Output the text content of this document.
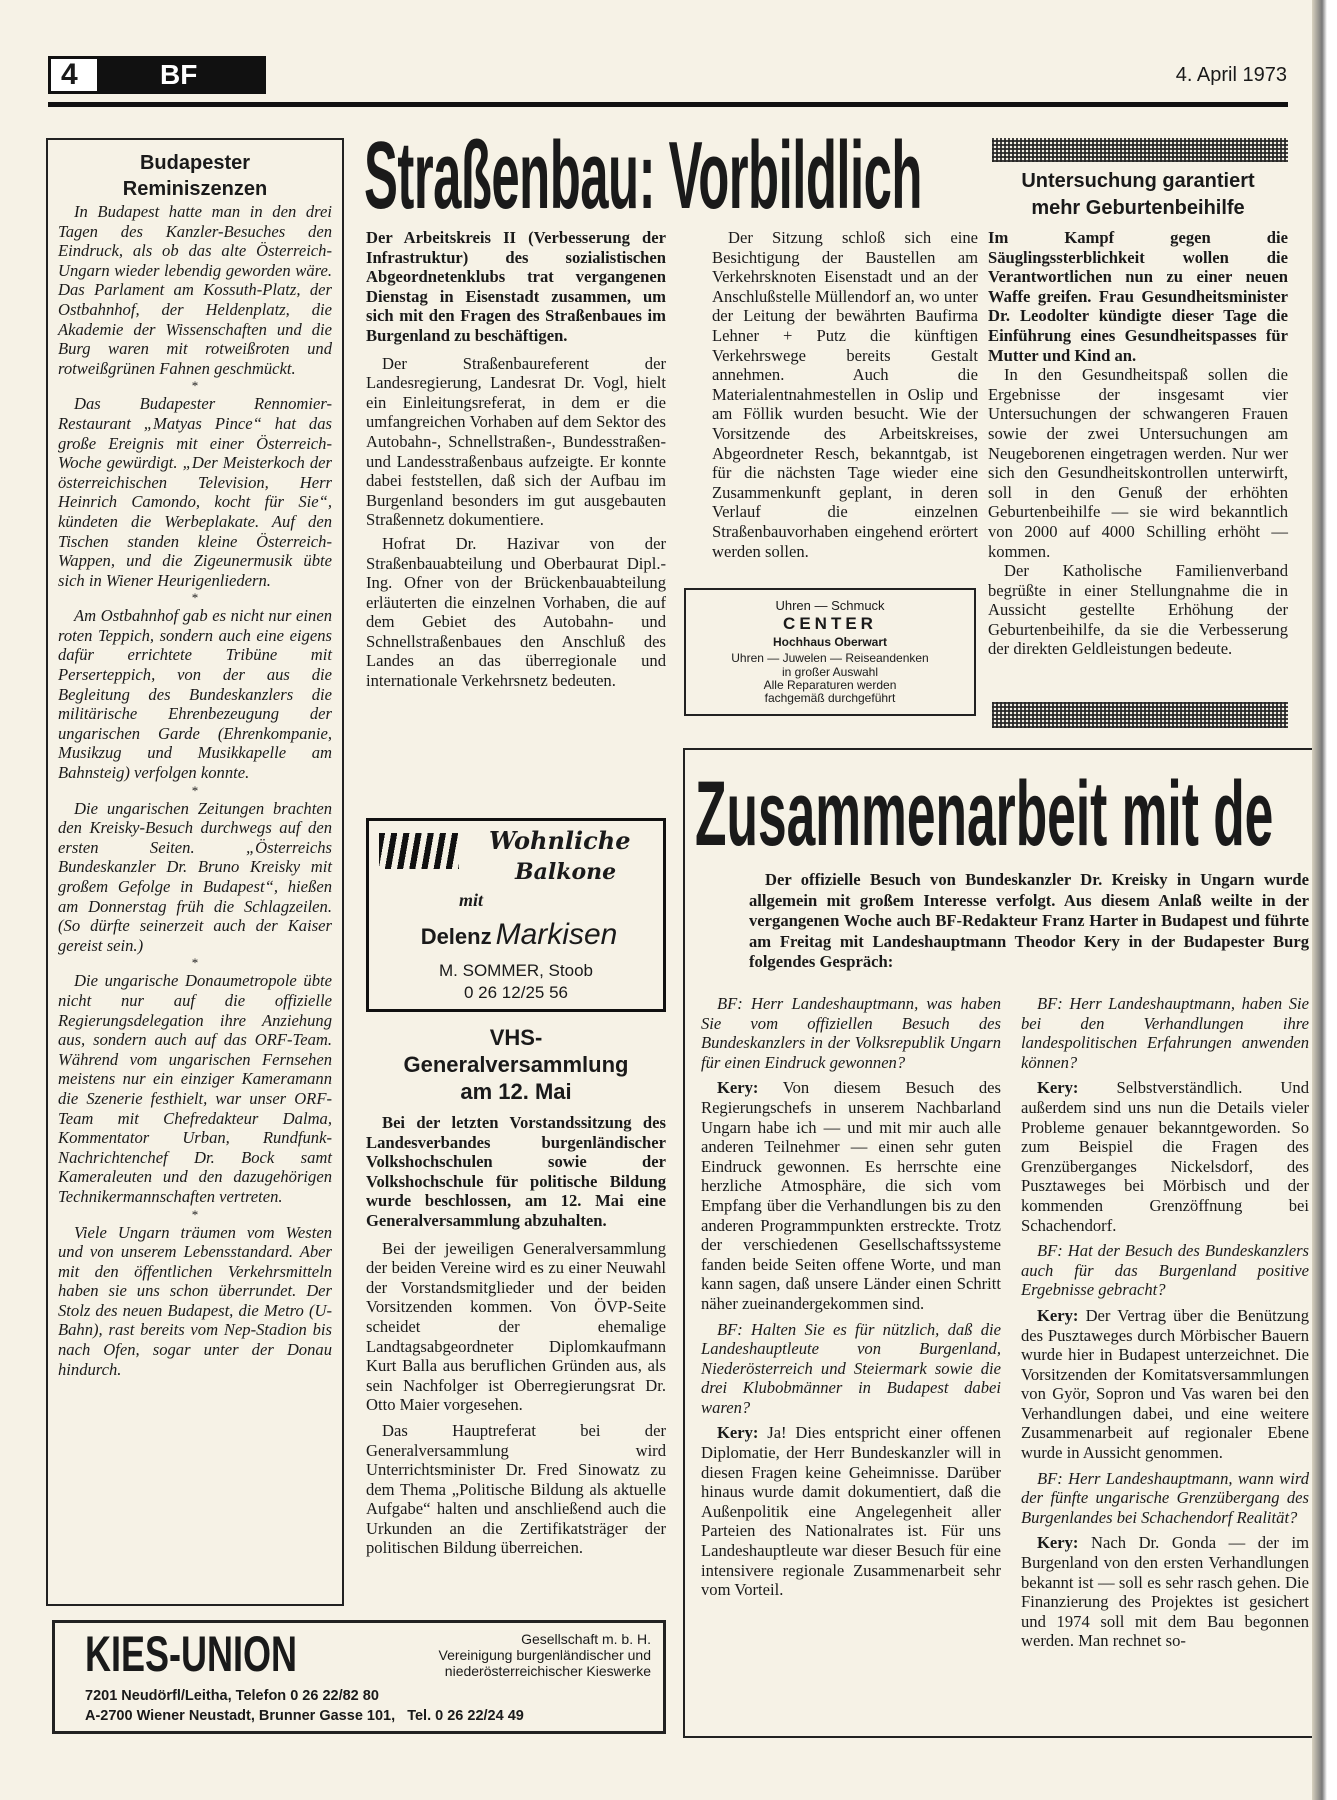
4	BF	4. April 1973
Budapester
Reminiszenzen

In Budapest hatte man in den drei Tagen des Kanzler-Besuches den Eindruck, als ob das alte Österreich-Ungarn wieder lebendig geworden wäre. Das Parlament am Kossuth-Platz, der Ostbahnhof, der Heldenplatz, die Akademie der Wissenschaften und die Burg waren mit rotweißroten und rotweißgrünen Fahnen geschmückt.

*

Das Budapester Rennomier-Restaurant „Matyas Pince“ hat das große Ereignis mit einer Österreich-Woche gewürdigt. „Der Meisterkoch der österreichischen Television, Herr Heinrich Camondo, kocht für Sie“, kündeten die Werbeplakate. Auf den Tischen standen kleine Österreich-Wappen, und die Zigeunermusik übte sich in Wiener Heurigenliedern.

*

Am Ostbahnhof gab es nicht nur einen roten Teppich, sondern auch eine eigens dafür errichtete Tribüne mit Perserteppich, von der aus die Begleitung des Bundeskanzlers die militärische Ehrenbezeugung der ungarischen Garde (Ehrenkompanie, Musikzug und Musikkapelle am Bahnsteig) verfolgen konnte.

*

Die ungarischen Zeitungen brachten den Kreisky-Besuch durchwegs auf den ersten Seiten. „Österreichs Bundeskanzler Dr. Bruno Kreisky mit großem Gefolge in Budapest“, hießen am Donnerstag früh die Schlagzeilen. (So dürfte seinerzeit auch der Kaiser gereist sein.)

*

Die ungarische Donaumetropole übte nicht nur auf die offizielle Regierungsdelegation ihre Anziehung aus, sondern auch auf das ORF-Team. Während vom ungarischen Fernsehen meistens nur ein einziger Kameramann die Szenerie festhielt, war unser ORF-Team mit Chefredakteur Dalma, Kommentator Urban, Rundfunk-Nachrichtenchef Dr. Bock samt Kameraleuten und den dazugehörigen Technikermannschaften vertreten.

*

Viele Ungarn träumen vom Westen und von unserem Lebensstandard. Aber mit den öffentlichen Verkehrsmitteln haben sie uns schon überrundet. Der Stolz des neuen Budapest, die Metro (U-Bahn), rast bereits vom Nep-Stadion bis nach Ofen, sogar unter der Donau hindurch.

Straßenbau: Vorbildlich

Der Arbeitskreis II (Verbesserung der Infrastruktur) des sozialistischen Abgeordnetenklubs trat vergangenen Dienstag in Eisenstadt zusammen, um sich mit den Fragen des Straßenbaues im Burgenland zu beschäftigen.

Der Straßenbaureferent der Landesregierung, Landesrat Dr. Vogl, hielt ein Einleitungsreferat, in dem er die umfangreichen Vorhaben auf dem Sektor des Autobahn-, Schnellstraßen-, Bundesstraßen- und Landesstraßenbaus aufzeigte. Er konnte dabei feststellen, daß sich der Aufbau im Burgenland besonders im gut ausgebauten Straßennetz dokumentiere.

Hofrat Dr. Hazivar von der Straßenbauabteilung und Oberbaurat Dipl.-Ing. Ofner von der Brückenbauabteilung erläuterten die einzelnen Vorhaben, die auf dem Gebiet des Autobahn- und Schnellstraßenbaues den Anschluß des Landes an das überregionale und internationale Verkehrsnetz bedeuten.

Der Sitzung schloß sich eine Besichtigung der Baustellen am Verkehrsknoten Eisenstadt und an der Anschlußstelle Müllendorf an, wo unter der Leitung der bewährten Baufirma Lehner + Putz die künftigen Verkehrswege bereits Gestalt annehmen. Auch die Materialentnahmestellen in Oslip und am Föllik wurden besucht. Wie der Vorsitzende des Arbeitskreises, Abgeordneter Resch, bekanntgab, ist für die nächsten Tage wieder eine Zusammenkunft geplant, in deren Verlauf die einzelnen Straßenbauvorhaben eingehend erörtert werden sollen.

Uhren — Schmuck
CENTER
Hochhaus Oberwart
Uhren — Juwelen — Reiseandenken
in großer Auswahl
Alle Reparaturen werden
fachgemäß durchgeführt
Wohnliche
Balkone
mit
Delenz Markisen
M. SOMMER, Stoob
0 26 12/25 56
VHS-Generalversammlung am 12. Mai

Bei der letzten Vorstandssitzung des Landesverbandes burgenländischer Volkshochschulen sowie der Volkshochschule für politische Bildung wurde beschlossen, am 12. Mai eine Generalversammlung abzuhalten.

Bei der jeweiligen Generalversammlung der beiden Vereine wird es zu einer Neuwahl der Vorstandsmitglieder und der beiden Vorsitzenden kommen. Von ÖVP-Seite scheidet der ehemalige Landtagsabgeordneter Diplomkaufmann Kurt Balla aus beruflichen Gründen aus, als sein Nachfolger ist Oberregierungsrat Dr. Otto Maier vorgesehen.

Das Hauptreferat bei der Generalversammlung wird Unterrichtsminister Dr. Fred Sinowatz zu dem Thema „Politische Bildung als aktuelle Aufgabe“ halten und anschließend auch die Urkunden an die Zertifikatsträger der politischen Bildung überreichen.

Untersuchung garantiert
mehr Geburtenbeihilfe

Im Kampf gegen die Säuglingssterblichkeit wollen die Verantwortlichen nun zu einer neuen Waffe greifen. Frau Gesundheitsminister Dr. Leodolter kündigte dieser Tage die Einführung eines Gesundheitspasses für Mutter und Kind an.

In den Gesundheitspaß sollen die Ergebnisse der insgesamt vier Untersuchungen der schwangeren Frauen sowie der zwei Untersuchungen am Neugeborenen eingetragen werden. Nur wer sich den Gesundheitskontrollen unterwirft, soll in den Genuß der erhöhten Geburtenbeihilfe — sie wird bekanntlich von 2000 auf 4000 Schilling erhöht — kommen.

Der Katholische Familienverband begrüßte in einer Stellungnahme die in Aussicht gestellte Erhöhung der Geburtenbeihilfe, da sie die Verbesserung der direkten Geldleistungen bedeute.

Zusammenarbeit mit de

Der offizielle Besuch von Bundeskanzler Dr. Kreisky in Ungarn wurde allgemein mit großem Interesse verfolgt. Aus diesem Anlaß weilte in der vergangenen Woche auch BF-Redakteur Franz Harter in Budapest und führte am Freitag mit Landeshauptmann Theodor Kery in der Budapester Burg folgendes Gespräch:

BF: Herr Landeshauptmann, was haben Sie vom offiziellen Besuch des Bundeskanzlers in der Volksrepublik Ungarn für einen Eindruck gewonnen?

Kery: Von diesem Besuch des Regierungschefs in unserem Nachbarland Ungarn habe ich — und mit mir auch alle anderen Teilnehmer — einen sehr guten Eindruck gewonnen. Es herrschte eine herzliche Atmosphäre, die sich vom Empfang über die Verhandlungen bis zu den anderen Programmpunkten erstreckte. Trotz der verschiedenen Gesellschaftssysteme fanden beide Seiten offene Worte, und man kann sagen, daß unsere Länder einen Schritt näher zueinandergekommen sind.

BF: Halten Sie es für nützlich, daß die Landeshauptleute von Burgenland, Niederösterreich und Steiermark sowie die drei Klubobmänner in Budapest dabei waren?

Kery: Ja! Dies entspricht einer offenen Diplomatie, der Herr Bundeskanzler will in diesen Fragen keine Geheimnisse. Darüber hinaus wurde damit dokumentiert, daß die Außenpolitik eine Angelegenheit aller Parteien des Nationalrates ist. Für uns Landeshauptleute war dieser Besuch für eine intensivere regionale Zusammenarbeit sehr vom Vorteil.

BF: Herr Landeshauptmann, haben Sie bei den Verhandlungen ihre landespolitischen Erfahrungen anwenden können?

Kery: Selbstverständlich. Und außerdem sind uns nun die Details vieler Probleme genauer bekanntgeworden. So zum Beispiel die Fragen des Grenzüberganges Nickelsdorf, des Pusztaweges bei Mörbisch und der kommenden Grenzöffnung bei Schachendorf.

BF: Hat der Besuch des Bundeskanzlers auch für das Burgenland positive Ergebnisse gebracht?

Kery: Der Vertrag über die Benützung des Pusztaweges durch Mörbischer Bauern wurde hier in Budapest unterzeichnet. Die Vorsitzenden der Komitatsversammlungen von Györ, Sopron und Vas waren bei den Verhandlungen dabei, und eine weitere Zusammenarbeit auf regionaler Ebene wurde in Aussicht genommen.

BF: Herr Landeshauptmann, wann wird der fünfte ungarische Grenzübergang des Burgenlandes bei Schachendorf Realität?

Kery: Nach Dr. Gonda — der im Burgenland von den ersten Verhandlungen bekannt ist — soll es sehr rasch gehen. Die Finanzierung des Projektes ist gesichert und 1974 soll mit dem Bau begonnen werden. Man rechnet so-

KIES-UNION	Gesellschaft m. b. H.
Vereinigung burgenländischer und
niederösterreichischer Kieswerke
7201 Neudörfl/Leitha, Telefon 0 26 22/82 80
A-2700 Wiener Neustadt, Brunner Gasse 101,   Tel. 0 26 22/24 49
